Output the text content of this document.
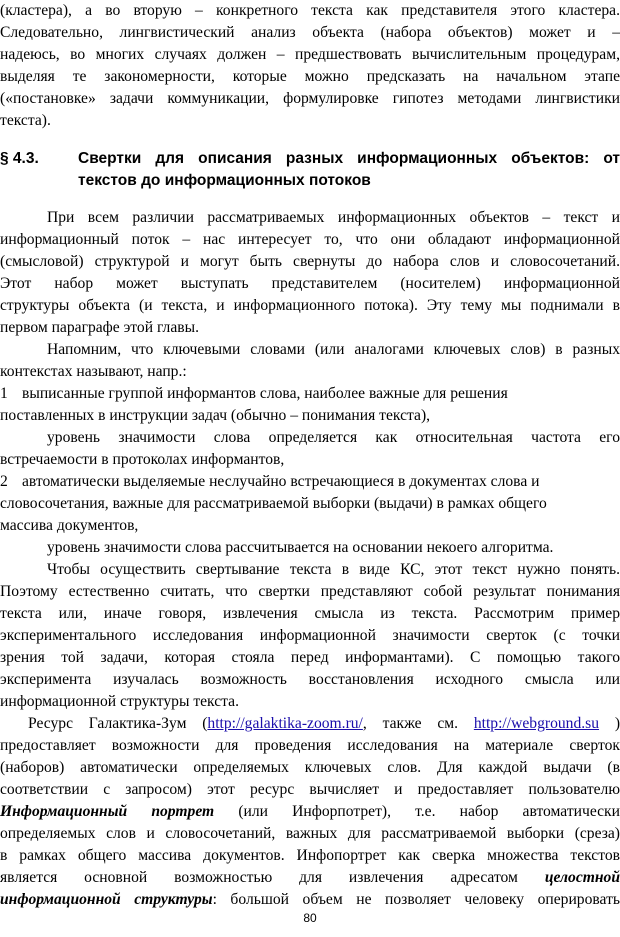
(кластера), а во вторую – конкретного текста как представителя этого кластера.
Следовательно, лингвистический анализ объекта (набора объектов) может и –
надеюсь, во многих случаях должен – предшествовать вычислительным процедурам,
выделяя те закономерности, которые можно предсказать на начальном этапе
(«постановке» задачи коммуникации, формулировке гипотез методами лингвистики
текста).
§ 4.3.	Свертки для описания разных информационных объектов: от
текстов до информационных потоков
При всем различии рассматриваемых информационных объектов – текст и
информационный поток – нас интересует то, что они обладают информационной
(смысловой) структурой и могут быть свернуты до набора слов и словосочетаний.
Этот набор может выступать представителем (носителем) информационной
структуры объекта (и текста, и информационного потока). Эту тему мы поднимали в
первом параграфе этой главы.
Напомним, что ключевыми словами (или аналогами ключевых слов) в разных
контекстах называют, напр.:
1 выписанные группой информантов слова, наиболее важные для решения
поставленных в инструкции задач (обычно – понимания текста),
уровень значимости слова определяется как относительная частота его
встречаемости в протоколах информантов,
2 автоматически выделяемые неслучайно встречающиеся в документах слова и
словосочетания, важные для рассматриваемой выборки (выдачи) в рамках общего
массива документов,
уровень значимости слова рассчитывается на основании некоего алгоритма.
Чтобы осуществить свертывание текста в виде КС, этот текст нужно понять.
Поэтому естественно считать, что свертки представляют собой результат понимания
текста или, иначе говоря, извлечения смысла из текста. Рассмотрим пример
экспериментального исследования информационной значимости сверток (с точки
зрения той задачи, которая стояла перед информантами). С помощью такого
эксперимента изучалась возможность восстановления исходного смысла или
информационной структуры текста.
Ресурс Галактика-Зум (http://galaktika-zoom.ru/, также см. http://webground.su )
предоставляет возможности для проведения исследования на материале сверток
(наборов) автоматически определяемых ключевых слов. Для каждой выдачи (в
соответствии с запросом) этот ресурс вычисляет и предоставляет пользователю
Информационный портрет (или Инфорпотрет), т.е. набор автоматически
определяемых слов и словосочетаний, важных для рассматриваемой выборки (среза)
в рамках общего массива документов. Инфопортрет как сверка множества текстов
является основной возможностью для извлечения адресатом целостной
информационной структуры: большой объем не позволяет человеку оперировать
80
